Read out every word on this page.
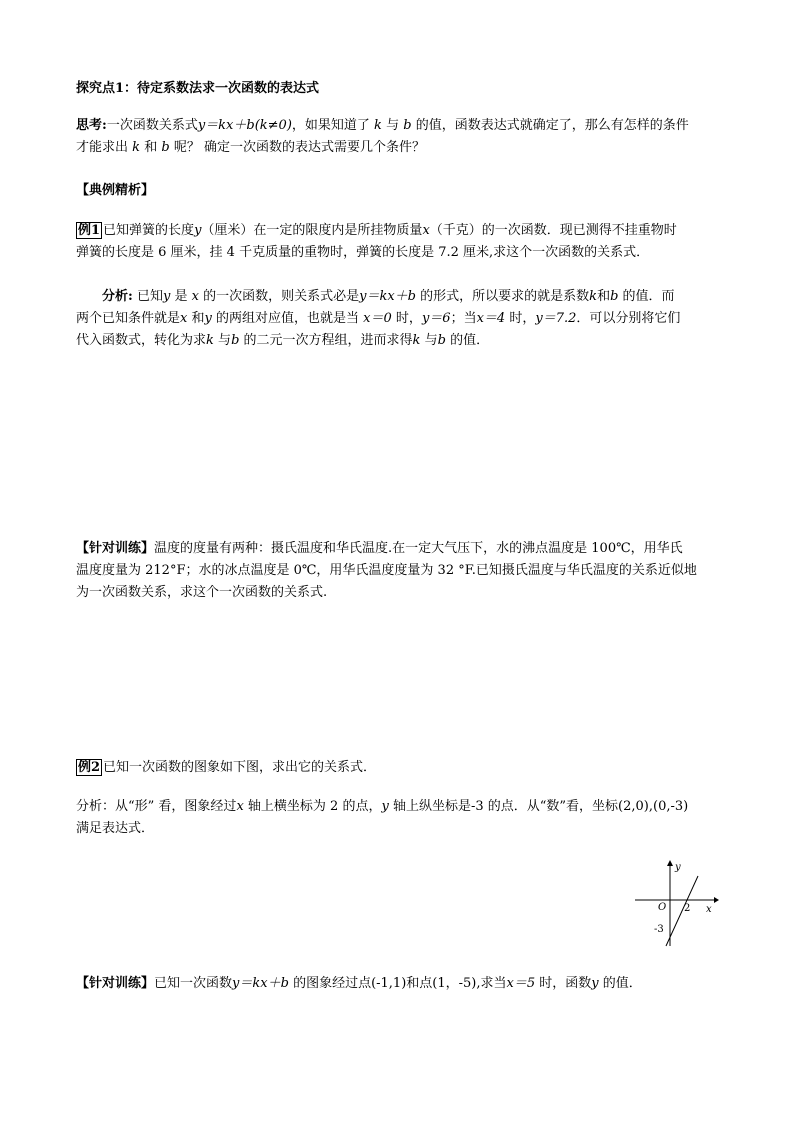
探究点1：待定系数法求一次函数的表达式
思考:一次函数关系式y＝kx＋b(k≠0)，如果知道了 k 与 b 的值，函数表达式就确定了，那么有怎样的条件
才能求出 k 和 b 呢？ 确定一次函数的表达式需要几个条件？
【典例精析】
例1 已知弹簧的长度y（厘米）在一定的限度内是所挂物质量x（千克）的一次函数．现已测得不挂重物时
弹簧的长度是 6 厘米，挂 4 千克质量的重物时，弹簧的长度是 7.2 厘米,求这个一次函数的关系式．
分析: 已知y 是 x 的一次函数，则关系式必是y＝kx＋b 的形式，所以要求的就是系数k和b 的值．而
两个已知条件就是x 和y 的两组对应值，也就是当 x＝0 时，y＝6；当x＝4 时，y＝7.2．可以分别将它们
代入函数式，转化为求k 与b 的二元一次方程组，进而求得k 与b 的值．
【针对训练】温度的度量有两种：摄氏温度和华氏温度.在一定大气压下，水的沸点温度是 100℃，用华氏
温度度量为 212°F；水的冰点温度是 0℃，用华氏温度度量为 32 °F.已知摄氏温度与华氏温度的关系近似地
为一次函数关系，求这个一次函数的关系式.
例2 已知一次函数的图象如下图，求出它的关系式．
分析：从“形” 看，图象经过x 轴上横坐标为 2 的点，y 轴上纵坐标是-3 的点．从“数”看，坐标(2,0),(0,-3)
满足表达式．
y
x
O 2
-3
【针对训练】已知一次函数y＝kx＋b 的图象经过点(-1,1)和点(1，-5),求当x＝5 时，函数y 的值．
